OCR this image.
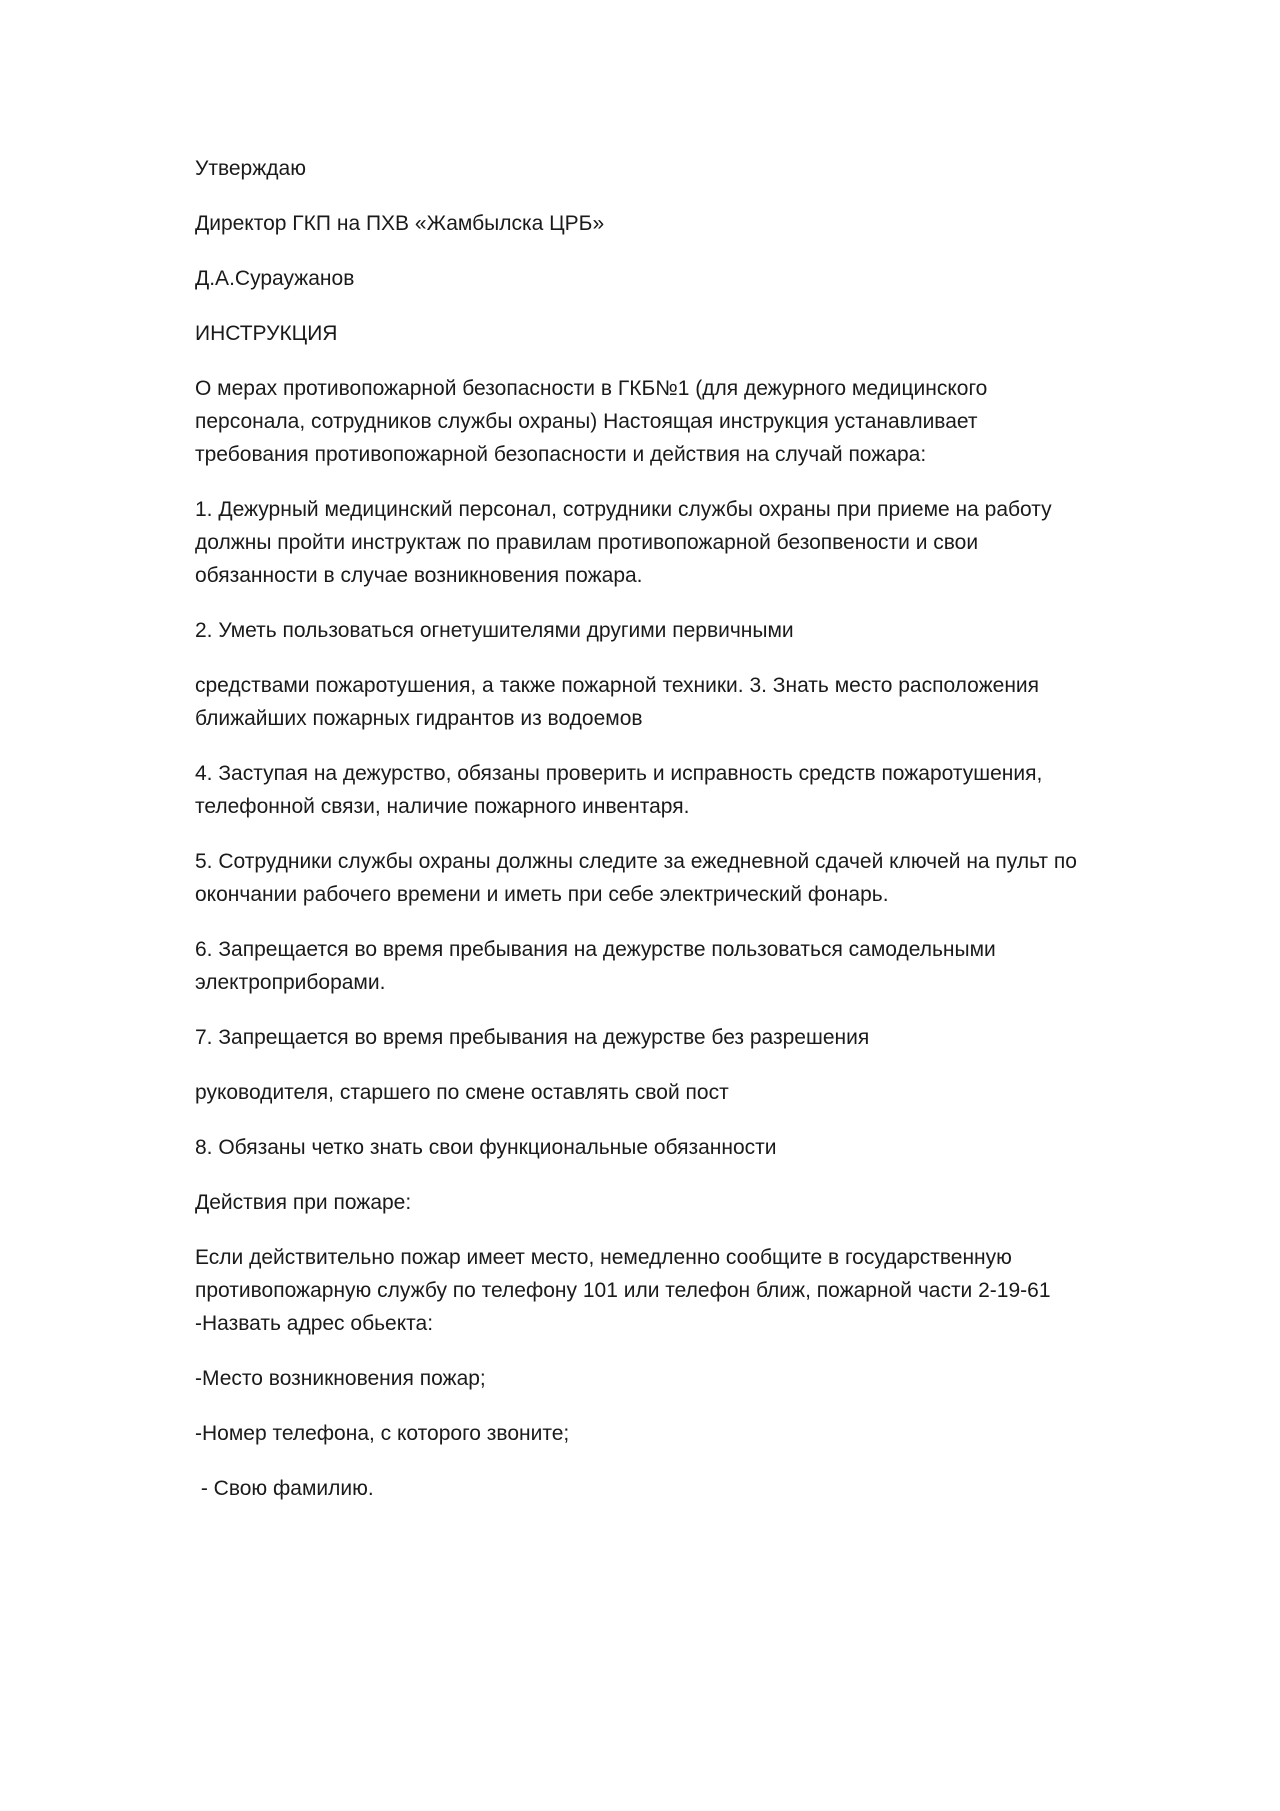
Утверждаю

Директор ГКП на ПХВ «Жамбылска ЦРБ»

Д.А.Сураужанов

ИНСТРУКЦИЯ

О мерах противопожарной безопасности в ГКБ№1 (для дежурного медицинского персонала, сотрудников службы охраны) Настоящая инструкция устанавливает требования противопожарной безопасности и действия на случай пожара:

1. Дежурный медицинский персонал, сотрудники службы охраны при приеме на работу должны пройти инструктаж по правилам противопожарной безопвености и свои обязанности в случае возникновения пожара.

2. Уметь пользоваться огнетушителями другими первичными

средствами пожаротушения, а также пожарной техники. 3. Знать место расположения ближайших пожарных гидрантов из водоемов

4. Заступая на дежурство, обязаны проверить и исправность средств пожаротушения, телефонной связи, наличие пожарного инвентаря.

5. Сотрудники службы охраны должны следите за ежедневной сдачей ключей на пульт по окончании рабочего времени и иметь при себе электрический фонарь.

6. Запрещается во время пребывания на дежурстве пользоваться самодельными электроприборами.

7. Запрещается во время пребывания на дежурстве без разрешения

руководителя, старшего по смене оставлять свой пост

8. Обязаны четко знать свои функциональные обязанности

Действия при пожаре:

Если действительно пожар имеет место, немедленно сообщите в государственную противопожарную службу по телефону 101 или телефон ближ, пожарной части 2-19-61 -Назвать адрес обьекта:

-Место возникновения пожар;

-Номер телефона, с которого звоните;

- Свою фамилию.
